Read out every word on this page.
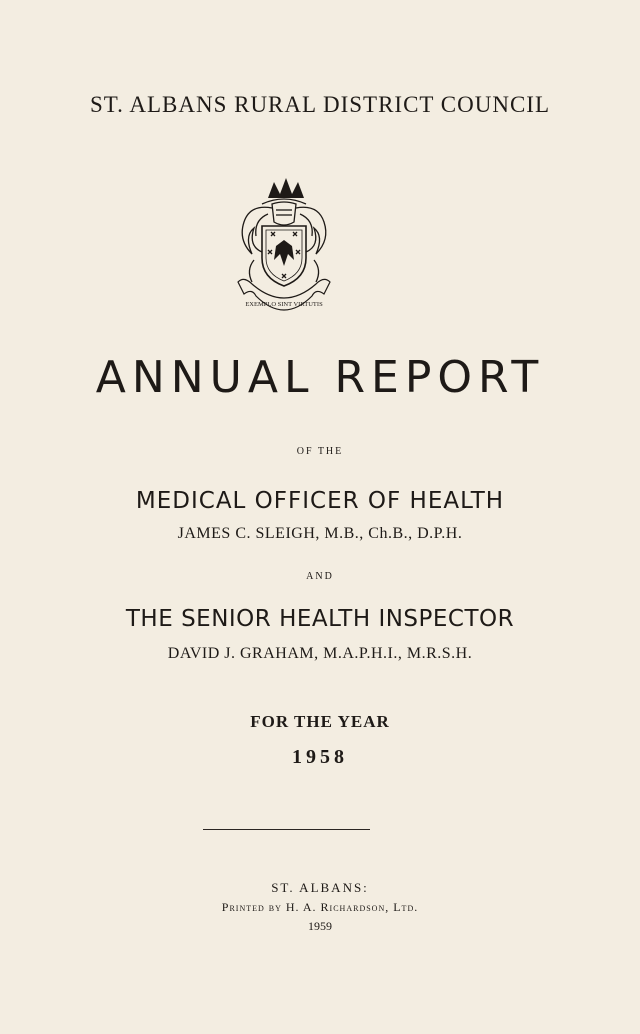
ST. ALBANS RURAL DISTRICT COUNCIL
EXEMPLO SINT VIRTUTIS
ANNUAL REPORT
OF THE
MEDICAL OFFICER OF HEALTH
JAMES C. SLEIGH, M.B., Ch.B., D.P.H.
AND
THE SENIOR HEALTH INSPECTOR
DAVID J. GRAHAM, M.A.P.H.I., M.R.S.H.
FOR THE YEAR
1958
ST. ALBANS:
Printed by H. A. Richardson, Ltd.
1959
